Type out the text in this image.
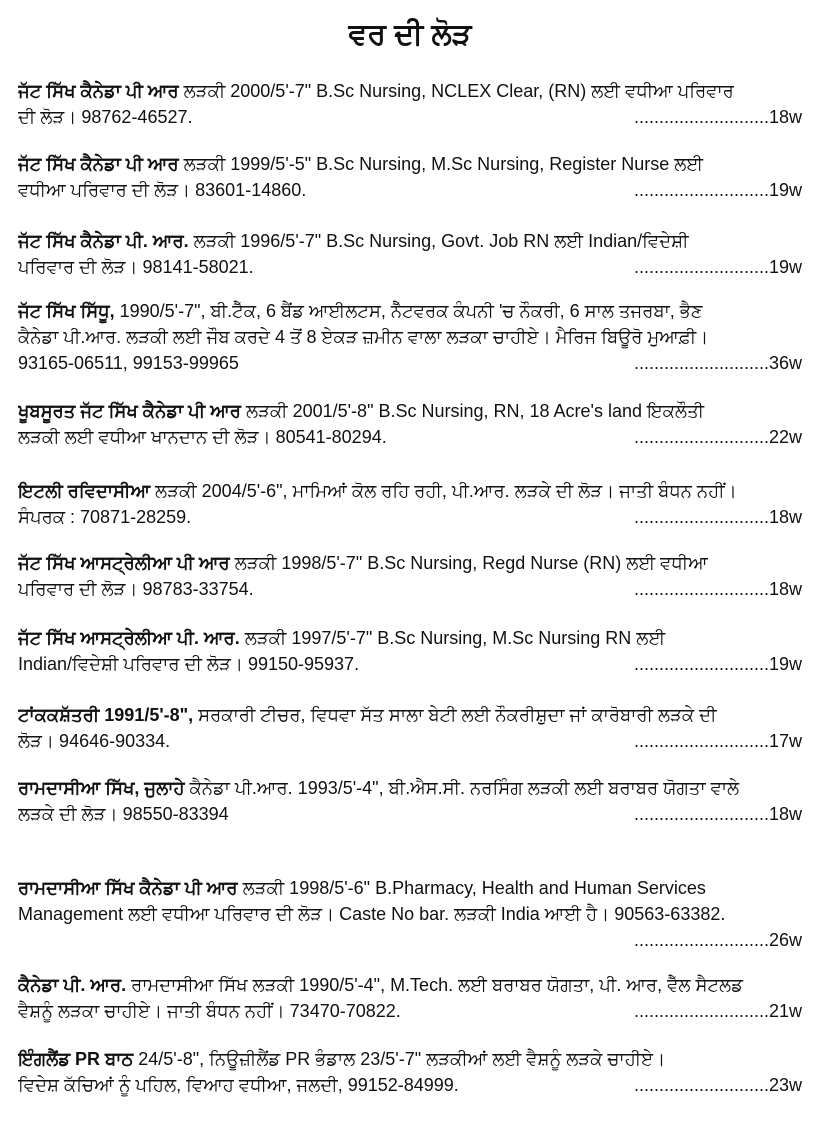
ਵਰ ਦੀ ਲੋੜ
ਜੱਟ ਸਿੱਖ ਕੈਨੇਡਾ ਪੀ ਆਰ ਲੜਕੀ 2000/5'-7" B.Sc Nursing, NCLEX Clear, (RN) ਲਈ ਵਧੀਆ ਪਰਿਵਾਰ
ਦੀ ਲੋੜ। 98762-46527.	...........................18w
ਜੱਟ ਸਿੱਖ ਕੈਨੇਡਾ ਪੀ ਆਰ ਲੜਕੀ 1999/5'-5" B.Sc Nursing, M.Sc Nursing, Register Nurse ਲਈ
ਵਧੀਆ ਪਰਿਵਾਰ ਦੀ ਲੋੜ। 83601-14860.	...........................19w
ਜੱਟ ਸਿੱਖ ਕੈਨੇਡਾ ਪੀ. ਆਰ. ਲੜਕੀ 1996/5'-7" B.Sc Nursing, Govt. Job RN ਲਈ Indian/ਵਿਦੇਸ਼ੀ
ਪਰਿਵਾਰ ਦੀ ਲੋੜ। 98141-58021.	...........................19w
ਜੱਟ ਸਿੱਖ ਸਿੱਧੂ, 1990/5'-7", ਬੀ.ਟੈੱਕ, 6 ਬੈਂਡ ਆਈਲਟਸ, ਨੈੱਟਵਰਕ ਕੰਪਨੀ 'ਚ ਨੌਕਰੀ, 6 ਸਾਲ ਤਜਰਬਾ, ਭੈਣ
ਕੈਨੇਡਾ ਪੀ.ਆਰ. ਲੜਕੀ ਲਈ ਜੌਬ ਕਰਦੇ 4 ਤੋਂ 8 ਏਕੜ ਜ਼ਮੀਨ ਵਾਲਾ ਲੜਕਾ ਚਾਹੀਏ। ਮੈਰਿਜ ਬਿਊਰੋ ਮੁਆਫ਼ੀ।
93165-06511, 99153-99965	...........................36w
ਖੂਬਸੂਰਤ ਜੱਟ ਸਿੱਖ ਕੈਨੇਡਾ ਪੀ ਆਰ ਲੜਕੀ 2001/5'-8" B.Sc Nursing, RN, 18 Acre's land ਇਕਲੌਤੀ
ਲੜਕੀ ਲਈ ਵਧੀਆ ਖਾਨਦਾਨ ਦੀ ਲੋੜ। 80541-80294.	...........................22w
ਇਟਲੀ ਰਵਿਦਾਸੀਆ ਲੜਕੀ 2004/5'-6", ਮਾਮਿਆਂ ਕੋਲ ਰਹਿ ਰਹੀ, ਪੀ.ਆਰ. ਲੜਕੇ ਦੀ ਲੋੜ। ਜਾਤੀ ਬੰਧਨ ਨਹੀਂ।
ਸੰਪਰਕ : 70871-28259.	...........................18w
ਜੱਟ ਸਿੱਖ ਆਸਟ੍ਰੇਲੀਆ ਪੀ ਆਰ ਲੜਕੀ 1998/5'-7" B.Sc Nursing, Regd Nurse (RN) ਲਈ ਵਧੀਆ
ਪਰਿਵਾਰ ਦੀ ਲੋੜ। 98783-33754.	...........................18w
ਜੱਟ ਸਿੱਖ ਆਸਟ੍ਰੇਲੀਆ ਪੀ. ਆਰ. ਲੜਕੀ 1997/5'-7" B.Sc Nursing, M.Sc Nursing RN ਲਈ
Indian/ਵਿਦੇਸ਼ੀ ਪਰਿਵਾਰ ਦੀ ਲੋੜ। 99150-95937.	...........................19w
ਟਾਂਕਕਸ਼ੱਤਰੀ 1991/5'-8", ਸਰਕਾਰੀ ਟੀਚਰ, ਵਿਧਵਾ ਸੱਤ ਸਾਲਾ ਬੇਟੀ ਲਈ ਨੌਕਰੀਸ਼ੁਦਾ ਜਾਂ ਕਾਰੋਬਾਰੀ ਲੜਕੇ ਦੀ
ਲੋੜ। 94646-90334.	...........................17w
ਰਾਮਦਾਸੀਆ ਸਿੱਖ, ਜੁਲਾਹੇ ਕੈਨੇਡਾ ਪੀ.ਆਰ. 1993/5'-4", ਬੀ.ਐਸ.ਸੀ. ਨਰਸਿੰਗ ਲੜਕੀ ਲਈ ਬਰਾਬਰ ਯੋਗਤਾ ਵਾਲੇ
ਲੜਕੇ ਦੀ ਲੋੜ। 98550-83394	...........................18w
ਰਾਮਦਾਸੀਆ ਸਿੱਖ ਕੈਨੇਡਾ ਪੀ ਆਰ ਲੜਕੀ 1998/5'-6" B.Pharmacy, Health and Human Services
Management ਲਈ ਵਧੀਆ ਪਰਿਵਾਰ ਦੀ ਲੋੜ। Caste No bar. ਲੜਕੀ India ਆਈ ਹੈ। 90563-63382.
...........................26w
ਕੈਨੇਡਾ ਪੀ. ਆਰ. ਰਾਮਦਾਸੀਆ ਸਿੱਖ ਲੜਕੀ 1990/5'-4", M.Tech. ਲਈ ਬਰਾਬਰ ਯੋਗਤਾ, ਪੀ. ਆਰ, ਵੈੱਲ ਸੈਟਲਡ
ਵੈਸ਼ਨੂੰ ਲੜਕਾ ਚਾਹੀਏ। ਜਾਤੀ ਬੰਧਨ ਨਹੀਂ। 73470-70822.	...........................21w
ਇੰਗਲੈਂਡ PR ਬਾਠ 24/5'-8", ਨਿਊਜ਼ੀਲੈਂਡ PR ਭੰਡਾਲ 23/5'-7" ਲੜਕੀਆਂ ਲਈ ਵੈਸ਼ਨੂੰ ਲੜਕੇ ਚਾਹੀਏ।
ਵਿਦੇਸ਼ ਕੱਚਿਆਂ ਨੂੰ ਪਹਿਲ, ਵਿਆਹ ਵਧੀਆ, ਜਲਦੀ, 99152-84999.	...........................23w
